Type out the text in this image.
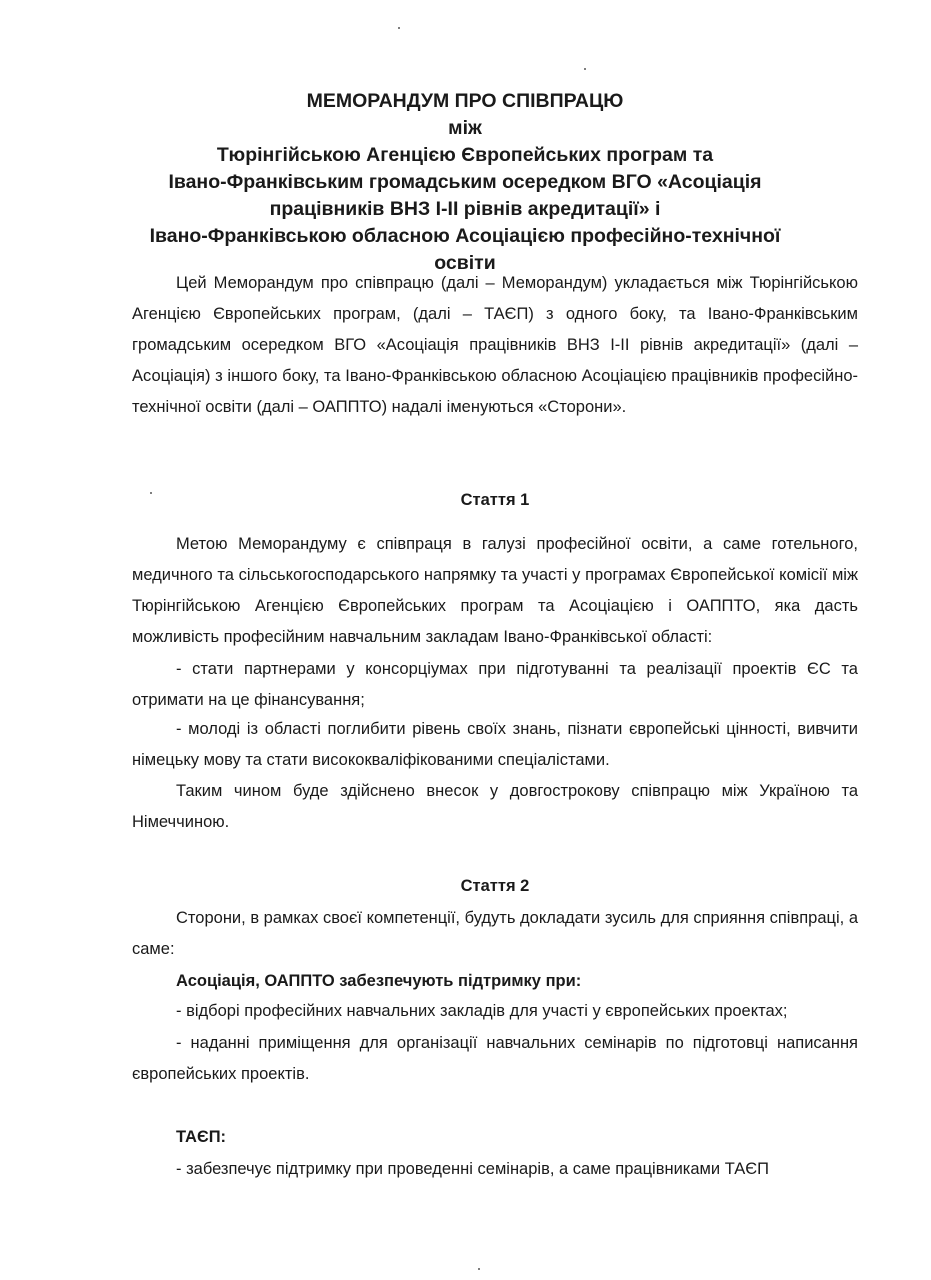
МЕМОРАНДУМ ПРО СПІВПРАЦЮ
між
Тюрінгійською Агенцією Європейських програм та
Івано-Франківським громадським осередком ВГО «Асоціація
працівників ВНЗ І-ІІ рівнів акредитації» і
Івано-Франківською обласною Асоціацією професійно-технічної
освіти
Цей Меморандум про співпрацю (далі – Меморандум) укладається між Тюрінгійською Агенцією Європейських програм, (далі – ТАЄП) з одного боку, та Івано-Франківським громадським осередком ВГО «Асоціація працівників ВНЗ І-ІІ рівнів акредитації» (далі – Асоціація) з іншого боку, та Івано-Франківською обласною Асоціацією працівників професійно-технічної освіти (далі – ОАППТО) надалі іменуються «Сторони».
Стаття 1
Метою Меморандуму є співпраця в галузі професійної освіти, а саме готельного, медичного та сільськогосподарського напрямку та участі у програмах Європейської комісії між Тюрінгійською Агенцією Європейських програм та Асоціацією і ОАППТО, яка дасть можливість професійним навчальним закладам Івано-Франківської області:
- стати партнерами у консорціумах при підготуванні та реалізації проектів ЄС та отримати на це фінансування;
- молоді із області поглибити рівень своїх знань, пізнати європейські цінності, вивчити німецьку мову та стати висококваліфікованими спеціалістами.
Таким чином буде здійснено внесок у довгострокову співпрацю між Україною та Німеччиною.
Стаття 2
Сторони, в рамках своєї компетенції, будуть докладати зусиль для сприяння співпраці, а саме:
Асоціація, ОАППТО забезпечують підтримку при:
- відборі професійних навчальних закладів для участі у європейських проектах;
- наданні приміщення для організації навчальних семінарів по підготовці написання європейських проектів.
ТАЄП:
- забезпечує підтримку при проведенні семінарів, а саме працівниками ТАЄП
